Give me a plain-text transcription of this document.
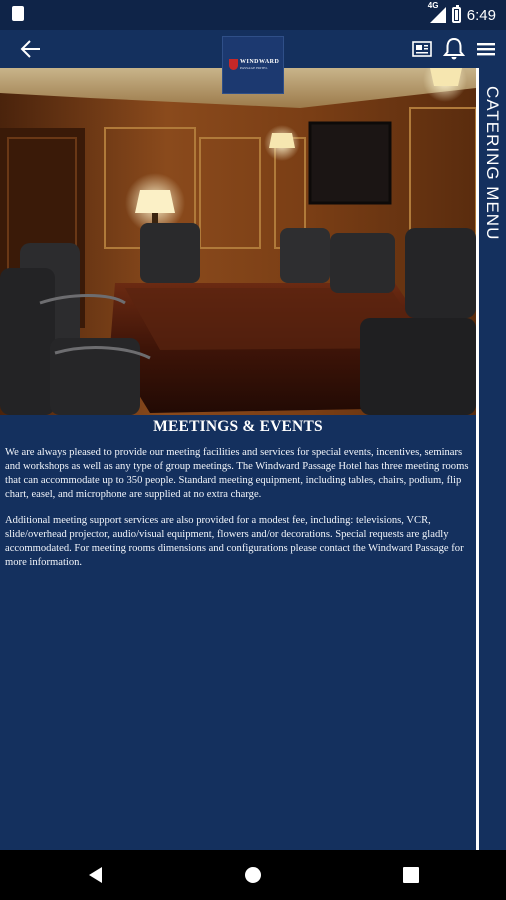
4G
6:49
WINDWARD
PASSAGE HOTEL
CATERING MENU
MEETINGS & EVENTS

We are always pleased to provide our meeting facilities and services for special events, incentives, seminars and workshops as well as any type of group meetings. The Windward Passage Hotel has three meeting rooms that can accommodate up to 350 people. Standard meeting equipment, including tables, chairs, podium, flip chart, easel, and microphone are supplied at no extra charge.

Additional meeting support services are also provided for a modest fee, including: televisions, VCR, slide/overhead projector, audio/visual equipment, flowers and/or decorations. Special requests are gladly accommodated. For meeting rooms dimensions and configurations please contact the Windward Passage for more information.
